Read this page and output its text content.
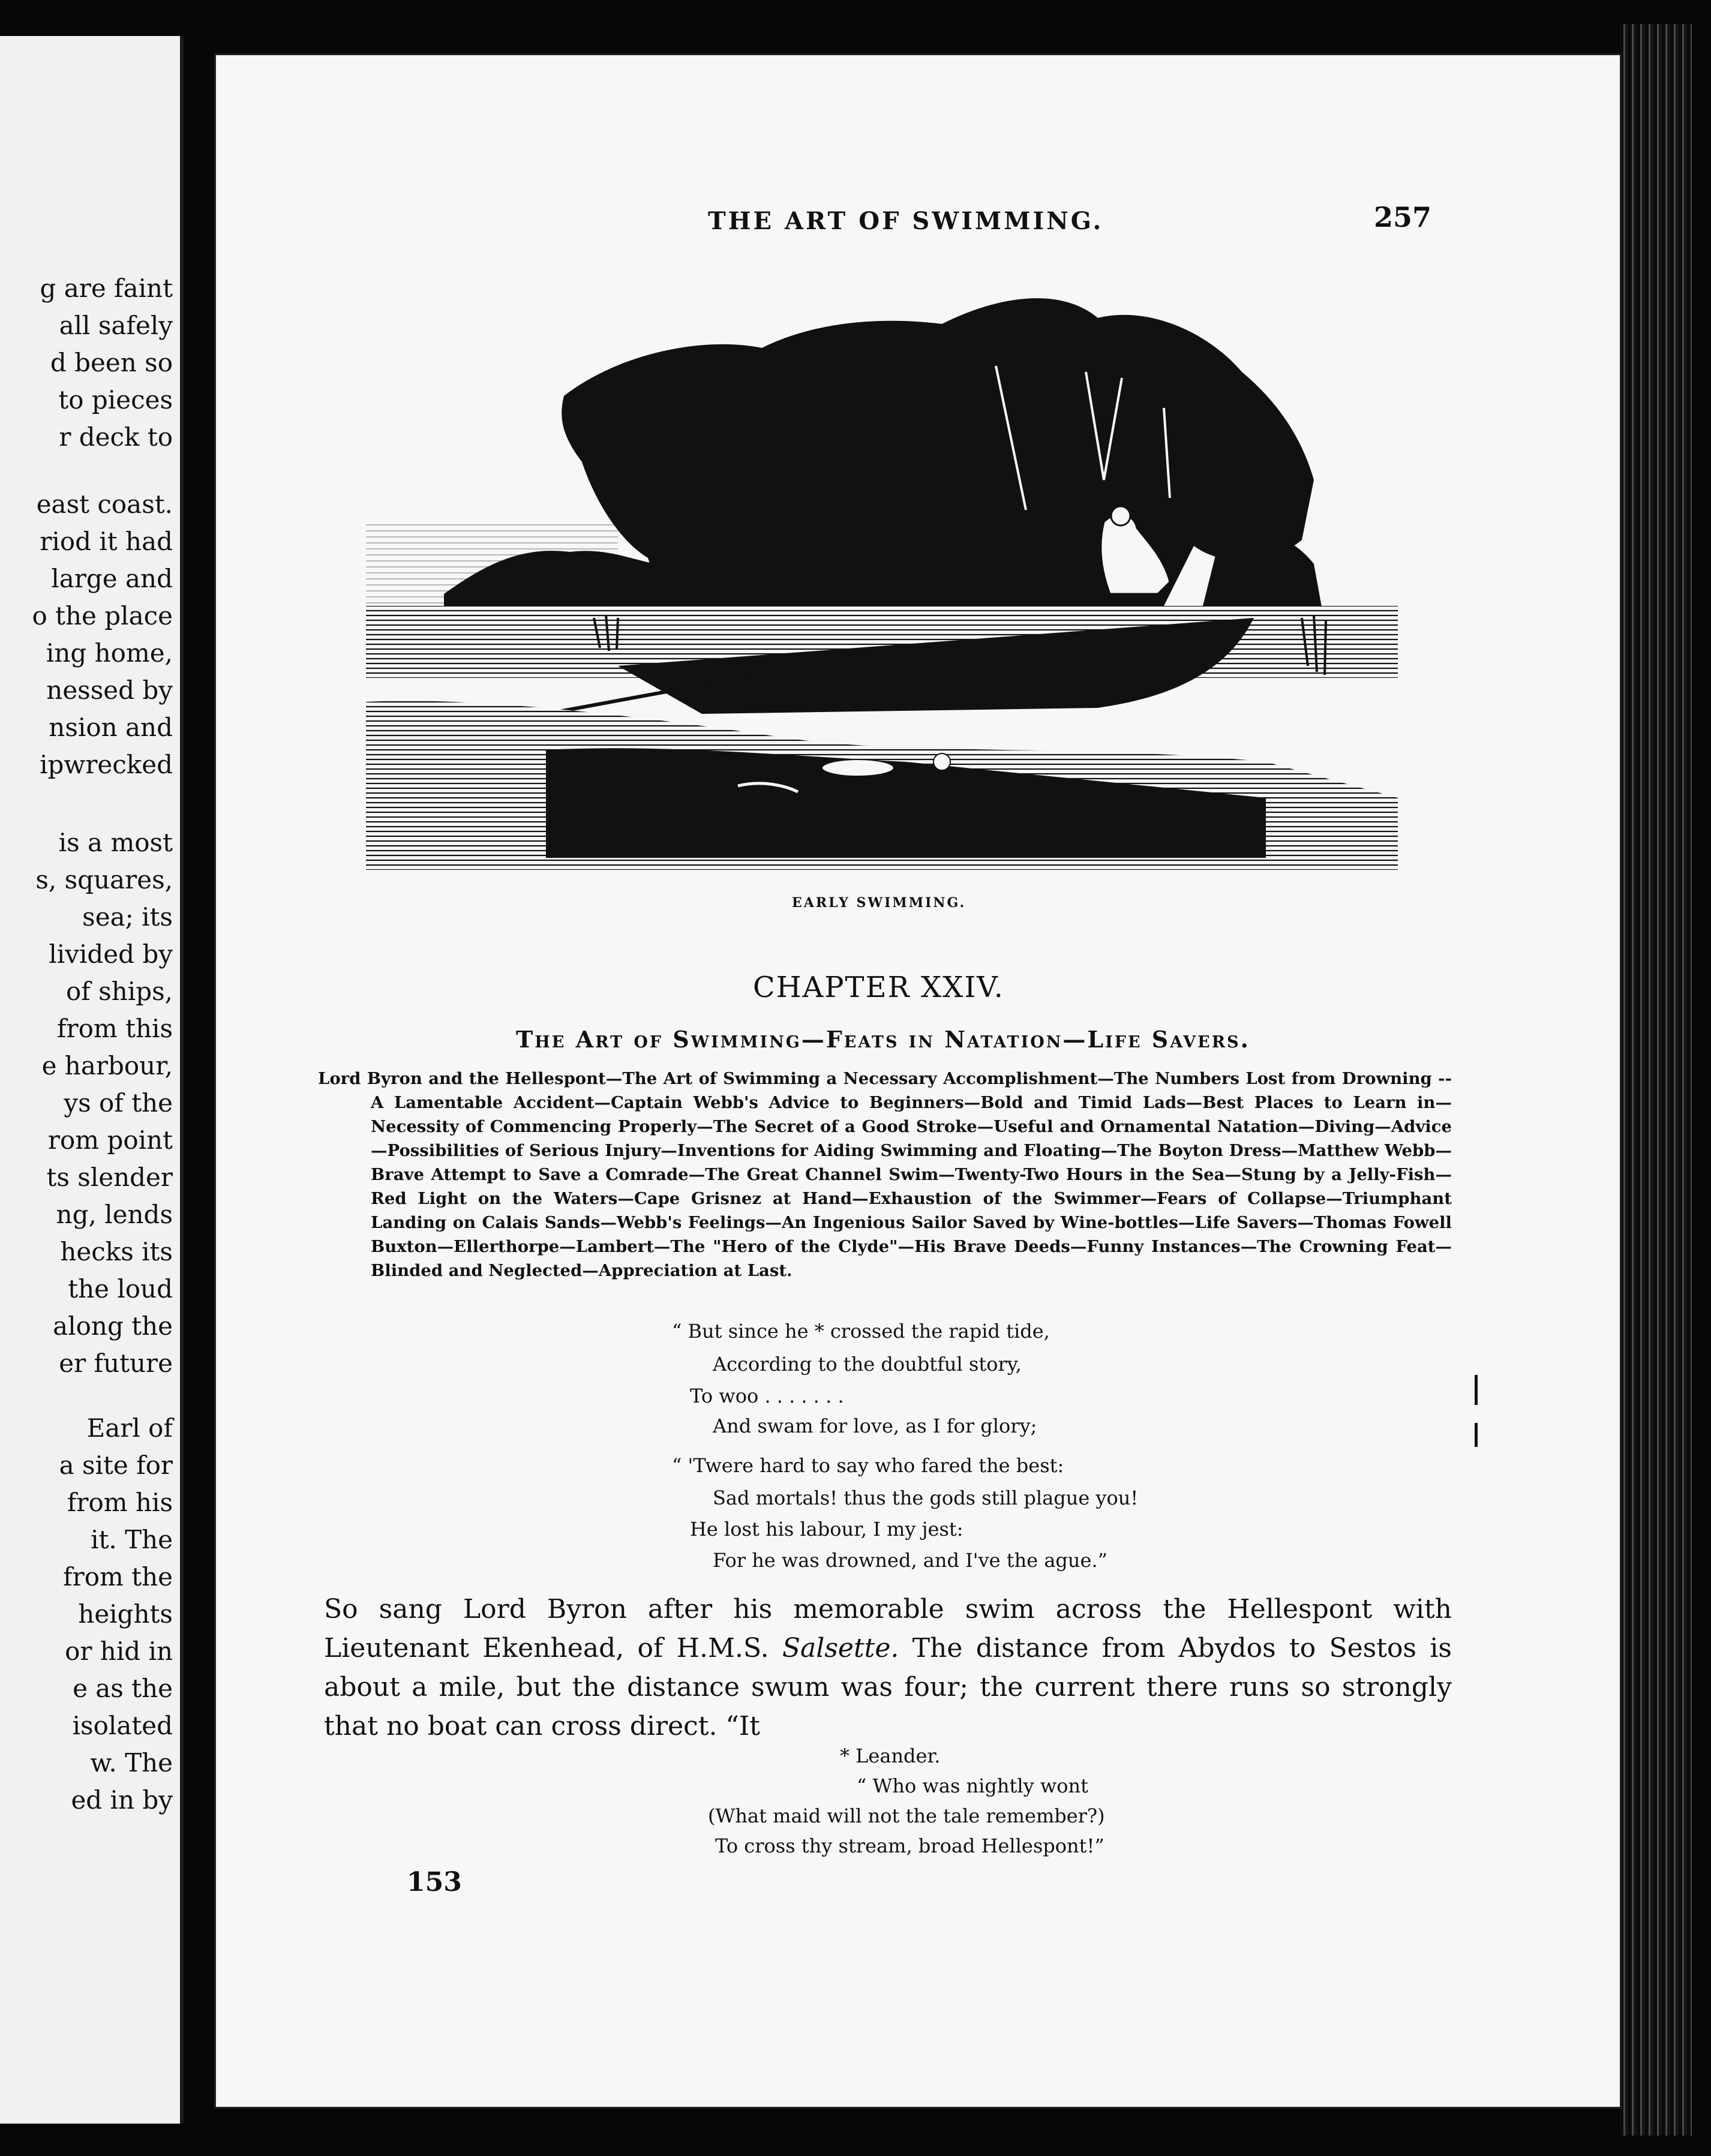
g are faint
all safely
d been so
to pieces
r deck to
east coast.
riod it had
large and
o the place
ing home,
nessed by
nsion and
ipwrecked
is a most
s, squares,
sea; its
livided by
of ships,
from this
e harbour,
ys of the
rom point
ts slender
ng, lends
hecks its
the loud
along the
er future
Earl of
a site for
from his
it. The
from the
heights
or hid in
e as the
isolated
w. The
ed in by
THE ART OF SWIMMING.	257
EARLY SWIMMING.
CHAPTER XXIV.
The Art of Swimming—Feats in Natation—Life Savers.
Lord Byron and the Hellespont—The Art of Swimming a Necessary Accomplishment—The Numbers Lost from Drowning --A Lamentable Accident—Captain Webb's Advice to Beginners—Bold and Timid Lads—Best Places to Learn in—Necessity of Commencing Properly—The Secret of a Good Stroke—Useful and Ornamental Natation—Diving—Advice —Possibilities of Serious Injury—Inventions for Aiding Swimming and Floating—The Boyton Dress—Matthew Webb—Brave Attempt to Save a Comrade—The Great Channel Swim—Twenty-Two Hours in the Sea—Stung by a Jelly-Fish—Red Light on the Waters—Cape Grisnez at Hand—Exhaustion of the Swimmer—Fears of Collapse—Triumphant Landing on Calais Sands—Webb's Feelings—An Ingenious Sailor Saved by Wine-bottles—Life Savers—Thomas Fowell Buxton—Ellerthorpe—Lambert—The "Hero of the Clyde"—His Brave Deeds—Funny Instances—The Crowning Feat—Blinded and Neglected—Appreciation at Last.
“ But since he * crossed the rapid tide,
According to the doubtful story,
To woo . . . . . . .
And swam for love, as I for glory;
“ 'Twere hard to say who fared the best:
Sad mortals! thus the gods still plague you!
He lost his labour, I my jest:
For he was drowned, and I've the ague.”
So sang Lord Byron after his memorable swim across the Hellespont with Lieutenant Ekenhead, of H.M.S. Salsette. The distance from Abydos to Sestos is about a mile, but the distance swum was four; the current there runs so strongly that no boat can cross direct. “It
* Leander.
“ Who was nightly wont
(What maid will not the tale remember?)
To cross thy stream, broad Hellespont!”
153
